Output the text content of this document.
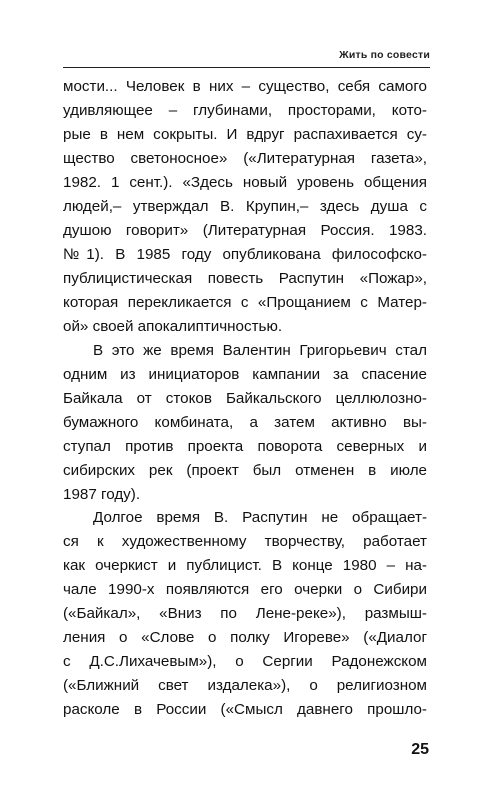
Жить по совести

мости... Человек в них – существо, себя самого

удивляющее – глубинами, просторами, кото-

рые в нем сокрыты. И вдруг распахивается су-

щество светоносное» («Литературная газета»,

1982. 1 сент.). «Здесь новый уровень общения

людей,– утверждал В. Крупин,– здесь душа с

душою говорит» (Литературная Россия. 1983.

№1). В 1985 году опубликована философско-

публицистическая повесть Распутин «Пожар»,

которая перекликается с «Прощанием с Матер-

ой» своей апокалиптичностью.

В это же время Валентин Григорьевич стал

одним из инициаторов кампании за спасение

Байкала от стоков Байкальского целлюлозно-

бумажного комбината, а затем активно вы-

ступал против проекта поворота северных и

сибирских рек (проект был отменен в июле

1987 году).

Долгое время В. Распутин не обращает-

ся к художественному творчеству, работает

как очеркист и публицист. В конце 1980 – на-

чале 1990-х появляются его очерки о Сибири

(«Байкал», «Вниз по Лене-реке»), размыш-

ления о «Слове о полку Игореве» («Диалог

с Д.С.Лихачевым»), о Сергии Радонежском

(«Ближний свет издалека»), о религиозном

расколе в России («Смысл давнего прошло-

25
